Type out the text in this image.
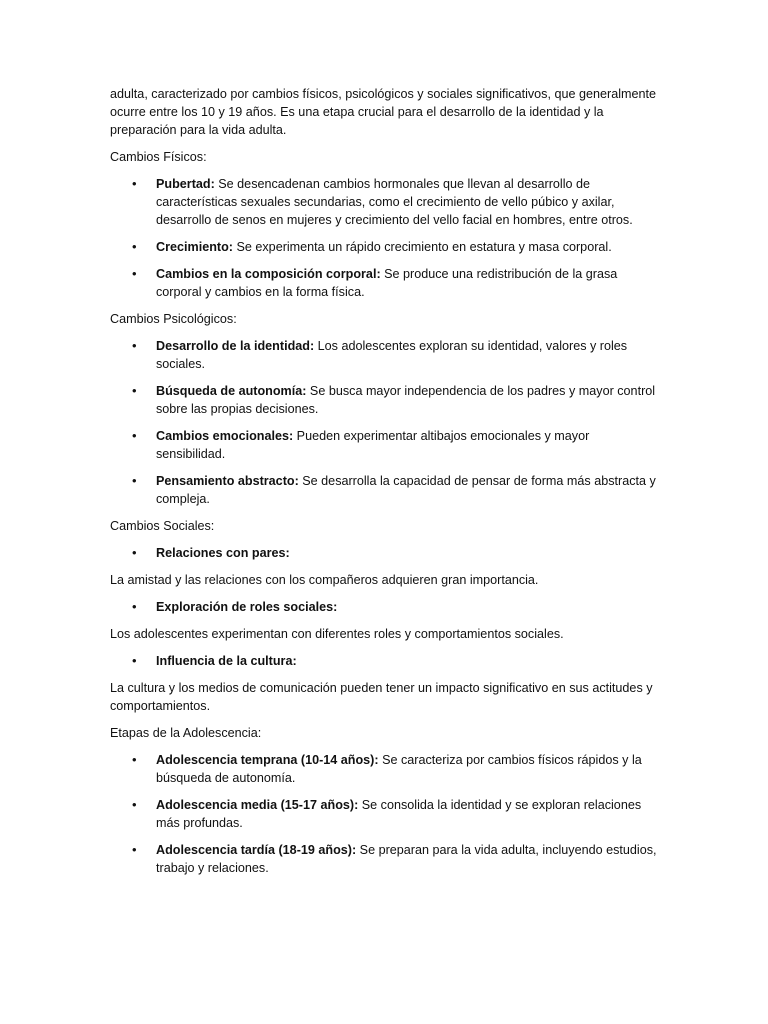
adulta, caracterizado por cambios físicos, psicológicos y sociales significativos, que generalmente ocurre entre los 10 y 19 años. Es una etapa crucial para el desarrollo de la identidad y la preparación para la vida adulta.

Cambios Físicos:

• Pubertad: Se desencadenan cambios hormonales que llevan al desarrollo de características sexuales secundarias, como el crecimiento de vello púbico y axilar, desarrollo de senos en mujeres y crecimiento del vello facial en hombres, entre otros.
• Crecimiento: Se experimenta un rápido crecimiento en estatura y masa corporal.
• Cambios en la composición corporal: Se produce una redistribución de la grasa corporal y cambios en la forma física.

Cambios Psicológicos:

• Desarrollo de la identidad: Los adolescentes exploran su identidad, valores y roles sociales.
• Búsqueda de autonomía: Se busca mayor independencia de los padres y mayor control sobre las propias decisiones.
• Cambios emocionales: Pueden experimentar altibajos emocionales y mayor sensibilidad.
• Pensamiento abstracto: Se desarrolla la capacidad de pensar de forma más abstracta y compleja.

Cambios Sociales:

• Relaciones con pares:

La amistad y las relaciones con los compañeros adquieren gran importancia.

• Exploración de roles sociales:

Los adolescentes experimentan con diferentes roles y comportamientos sociales.

• Influencia de la cultura:

La cultura y los medios de comunicación pueden tener un impacto significativo en sus actitudes y comportamientos.

Etapas de la Adolescencia:

• Adolescencia temprana (10-14 años): Se caracteriza por cambios físicos rápidos y la búsqueda de autonomía.
• Adolescencia media (15-17 años): Se consolida la identidad y se exploran relaciones más profundas.
• Adolescencia tardía (18-19 años): Se preparan para la vida adulta, incluyendo estudios, trabajo y relaciones.
